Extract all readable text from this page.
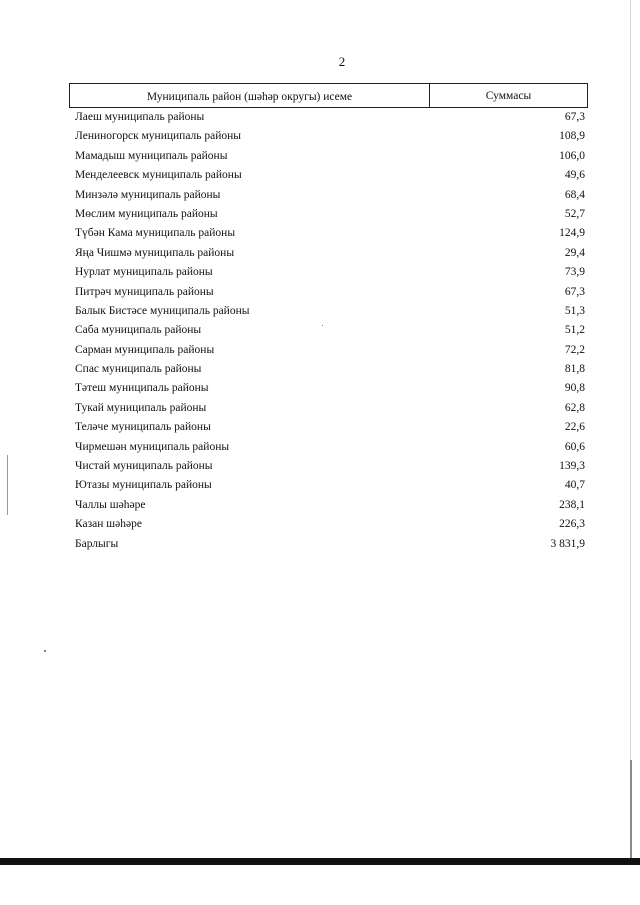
2
Муниципаль район (шәһәр округы) исеме	Суммасы
Лаеш муниципаль районы	67,3
Лениногорск муниципаль районы	108,9
Мамадыш муниципаль районы	106,0
Менделеевск муниципаль районы	49,6
Минзәлә муниципаль районы	68,4
Мөслим муниципаль районы	52,7
Түбән Кама муниципаль районы	124,9
Яңа Чишмә муниципаль районы	29,4
Нурлат муниципаль районы	73,9
Питрәч муниципаль районы	67,3
Балык Бистәсе муниципаль районы	51,3
Саба муниципаль районы	51,2
Сарман муниципаль районы	72,2
Спас муниципаль районы	81,8
Тәтеш муниципаль районы	90,8
Тукай муниципаль районы	62,8
Теләче муниципаль районы	22,6
Чирмешән муниципаль районы	60,6
Чистай муниципаль районы	139,3
Ютазы муниципаль районы	40,7
Чаллы шәһәре	238,1
Казан шәһәре	226,3
Барлыгы	3 831,9
